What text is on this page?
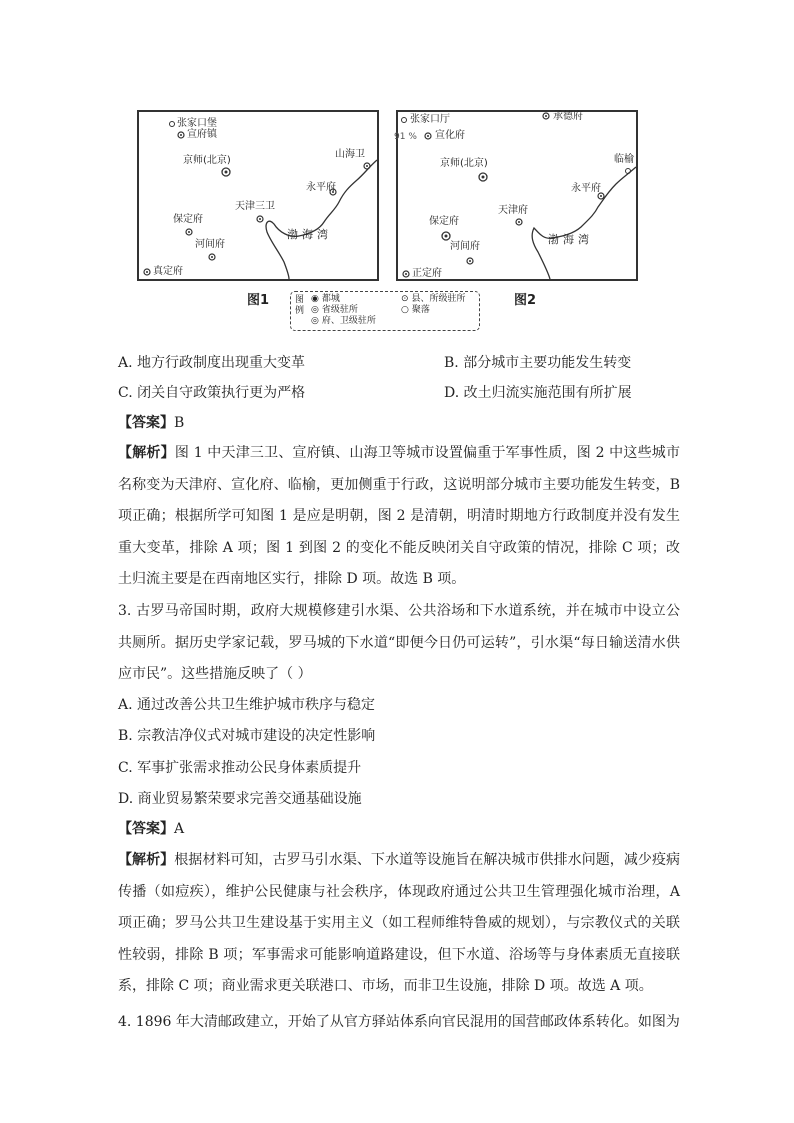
张家口堡
宣府镇
京师(北京)
山海卫
永平府
天津三卫
保定府
河间府
真定府
渤海湾
张家口厅
91 % 宣化府
承德府
京师(北京)	临榆
永平府
天津府
保定府
河间府
正定府
渤海湾
图1	图2
图例
◉ 都城
◎ 省级驻所
◎ 府、卫级驻所
⊙ 县、所级驻所
○ 聚落
A. 地方行政制度出现重大变革	B. 部分城市主要功能发生转变
C. 闭关自守政策执行更为严格	D. 改土归流实施范围有所扩展
【答案】B
【解析】图 1 中天津三卫、宣府镇、山海卫等城市设置偏重于军事性质，图 2 中这些城市名称变为天津府、宣化府、临榆，更加侧重于行政，这说明部分城市主要功能发生转变，B 项正确；根据所学可知图 1 是应是明朝，图 2 是清朝，明清时期地方行政制度并没有发生重大变革，排除 A 项；图 1 到图 2 的变化不能反映闭关自守政策的情况，排除 C 项；改土归流主要是在西南地区实行，排除 D 项。故选 B 项。
3. 古罗马帝国时期，政府大规模修建引水渠、公共浴场和下水道系统，并在城市中设立公共厕所。据历史学家记载，罗马城的下水道“即便今日仍可运转”，引水渠“每日输送清水供应市民”。这些措施反映了（ ）
A. 通过改善公共卫生维护城市秩序与稳定
B. 宗教洁净仪式对城市建设的决定性影响
C. 军事扩张需求推动公民身体素质提升
D. 商业贸易繁荣要求完善交通基础设施
【答案】A
【解析】根据材料可知，古罗马引水渠、下水道等设施旨在解决城市供排水问题，减少疫病传播（如痘疾），维护公民健康与社会秩序，体现政府通过公共卫生管理强化城市治理，A 项正确；罗马公共卫生建设基于实用主义（如工程师维特鲁威的规划），与宗教仪式的关联性较弱，排除 B 项；军事需求可能影响道路建设，但下水道、浴场等与身体素质无直接联系，排除 C 项；商业需求更关联港口、市场，而非卫生设施，排除 D 项。故选 A 项。
4. 1896 年大清邮政建立，开始了从官方驿站体系向官民混用的国营邮政体系转化。如图为
